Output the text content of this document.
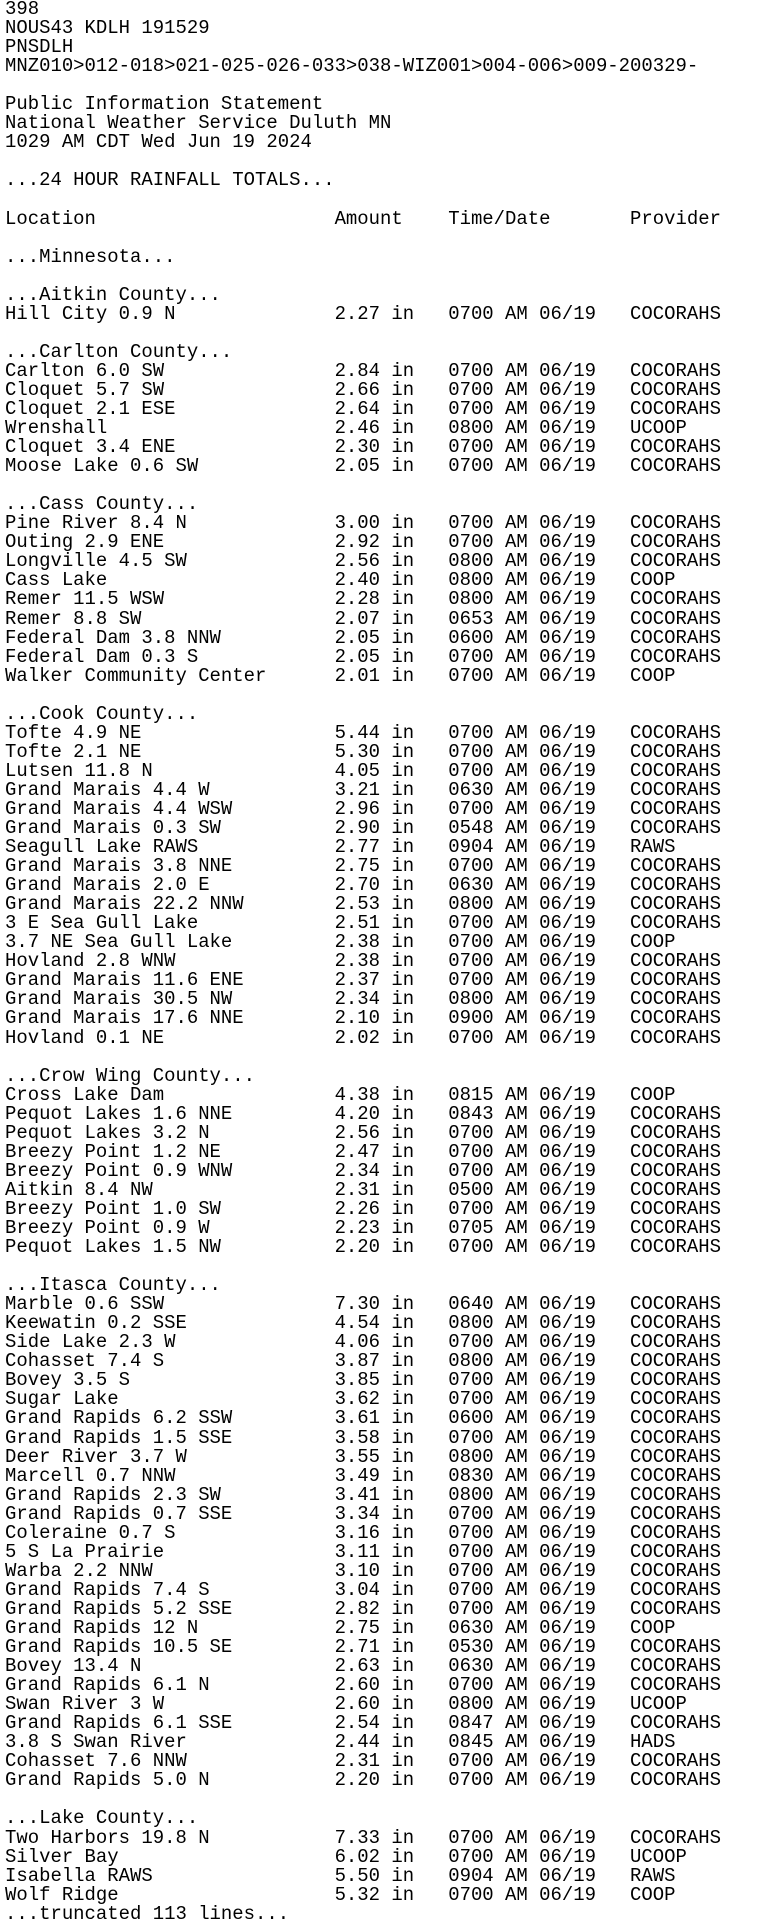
398
NOUS43 KDLH 191529
PNSDLH
MNZ010>012-018>021-025-026-033>038-WIZ001>004-006>009-200329-
Public Information Statement
National Weather Service Duluth MN
1029 AM CDT Wed Jun 19 2024
...24 HOUR RAINFALL TOTALS...
Location                     Amount    Time/Date       Provider
...Minnesota...
...Aitkin County...
Hill City 0.9 N              2.27 in   0700 AM 06/19   COCORAHS
...Carlton County...
Carlton 6.0 SW               2.84 in   0700 AM 06/19   COCORAHS
Cloquet 5.7 SW               2.66 in   0700 AM 06/19   COCORAHS
Cloquet 2.1 ESE              2.64 in   0700 AM 06/19   COCORAHS
Wrenshall                    2.46 in   0800 AM 06/19   UCOOP
Cloquet 3.4 ENE              2.30 in   0700 AM 06/19   COCORAHS
Moose Lake 0.6 SW            2.05 in   0700 AM 06/19   COCORAHS
...Cass County...
Pine River 8.4 N             3.00 in   0700 AM 06/19   COCORAHS
Outing 2.9 ENE               2.92 in   0700 AM 06/19   COCORAHS
Longville 4.5 SW             2.56 in   0800 AM 06/19   COCORAHS
Cass Lake                    2.40 in   0800 AM 06/19   COOP
Remer 11.5 WSW               2.28 in   0800 AM 06/19   COCORAHS
Remer 8.8 SW                 2.07 in   0653 AM 06/19   COCORAHS
Federal Dam 3.8 NNW          2.05 in   0600 AM 06/19   COCORAHS
Federal Dam 0.3 S            2.05 in   0700 AM 06/19   COCORAHS
Walker Community Center      2.01 in   0700 AM 06/19   COOP
...Cook County...
Tofte 4.9 NE                 5.44 in   0700 AM 06/19   COCORAHS
Tofte 2.1 NE                 5.30 in   0700 AM 06/19   COCORAHS
Lutsen 11.8 N                4.05 in   0700 AM 06/19   COCORAHS
Grand Marais 4.4 W           3.21 in   0630 AM 06/19   COCORAHS
Grand Marais 4.4 WSW         2.96 in   0700 AM 06/19   COCORAHS
Grand Marais 0.3 SW          2.90 in   0548 AM 06/19   COCORAHS
Seagull Lake RAWS            2.77 in   0904 AM 06/19   RAWS
Grand Marais 3.8 NNE         2.75 in   0700 AM 06/19   COCORAHS
Grand Marais 2.0 E           2.70 in   0630 AM 06/19   COCORAHS
Grand Marais 22.2 NNW        2.53 in   0800 AM 06/19   COCORAHS
3 E Sea Gull Lake            2.51 in   0700 AM 06/19   COCORAHS
3.7 NE Sea Gull Lake         2.38 in   0700 AM 06/19   COOP
Hovland 2.8 WNW              2.38 in   0700 AM 06/19   COCORAHS
Grand Marais 11.6 ENE        2.37 in   0700 AM 06/19   COCORAHS
Grand Marais 30.5 NW         2.34 in   0800 AM 06/19   COCORAHS
Grand Marais 17.6 NNE        2.10 in   0900 AM 06/19   COCORAHS
Hovland 0.1 NE               2.02 in   0700 AM 06/19   COCORAHS
...Crow Wing County...
Cross Lake Dam               4.38 in   0815 AM 06/19   COOP
Pequot Lakes 1.6 NNE         4.20 in   0843 AM 06/19   COCORAHS
Pequot Lakes 3.2 N           2.56 in   0700 AM 06/19   COCORAHS
Breezy Point 1.2 NE          2.47 in   0700 AM 06/19   COCORAHS
Breezy Point 0.9 WNW         2.34 in   0700 AM 06/19   COCORAHS
Aitkin 8.4 NW                2.31 in   0500 AM 06/19   COCORAHS
Breezy Point 1.0 SW          2.26 in   0700 AM 06/19   COCORAHS
Breezy Point 0.9 W           2.23 in   0705 AM 06/19   COCORAHS
Pequot Lakes 1.5 NW          2.20 in   0700 AM 06/19   COCORAHS
...Itasca County...
Marble 0.6 SSW               7.30 in   0640 AM 06/19   COCORAHS
Keewatin 0.2 SSE             4.54 in   0800 AM 06/19   COCORAHS
Side Lake 2.3 W              4.06 in   0700 AM 06/19   COCORAHS
Cohasset 7.4 S               3.87 in   0800 AM 06/19   COCORAHS
Bovey 3.5 S                  3.85 in   0700 AM 06/19   COCORAHS
Sugar Lake                   3.62 in   0700 AM 06/19   COCORAHS
Grand Rapids 6.2 SSW         3.61 in   0600 AM 06/19   COCORAHS
Grand Rapids 1.5 SSE         3.58 in   0700 AM 06/19   COCORAHS
Deer River 3.7 W             3.55 in   0800 AM 06/19   COCORAHS
Marcell 0.7 NNW              3.49 in   0830 AM 06/19   COCORAHS
Grand Rapids 2.3 SW          3.41 in   0800 AM 06/19   COCORAHS
Grand Rapids 0.7 SSE         3.34 in   0700 AM 06/19   COCORAHS
Coleraine 0.7 S              3.16 in   0700 AM 06/19   COCORAHS
5 S La Prairie               3.11 in   0700 AM 06/19   COCORAHS
Warba 2.2 NNW                3.10 in   0700 AM 06/19   COCORAHS
Grand Rapids 7.4 S           3.04 in   0700 AM 06/19   COCORAHS
Grand Rapids 5.2 SSE         2.82 in   0700 AM 06/19   COCORAHS
Grand Rapids 12 N            2.75 in   0630 AM 06/19   COOP
Grand Rapids 10.5 SE         2.71 in   0530 AM 06/19   COCORAHS
Bovey 13.4 N                 2.63 in   0630 AM 06/19   COCORAHS
Grand Rapids 6.1 N           2.60 in   0700 AM 06/19   COCORAHS
Swan River 3 W               2.60 in   0800 AM 06/19   UCOOP
Grand Rapids 6.1 SSE         2.54 in   0847 AM 06/19   COCORAHS
3.8 S Swan River             2.44 in   0845 AM 06/19   HADS
Cohasset 7.6 NNW             2.31 in   0700 AM 06/19   COCORAHS
Grand Rapids 5.0 N           2.20 in   0700 AM 06/19   COCORAHS
...Lake County...
Two Harbors 19.8 N           7.33 in   0700 AM 06/19   COCORAHS
Silver Bay                   6.02 in   0700 AM 06/19   UCOOP
Isabella RAWS                5.50 in   0904 AM 06/19   RAWS
Wolf Ridge                   5.32 in   0700 AM 06/19   COOP
...truncated 113 lines...
